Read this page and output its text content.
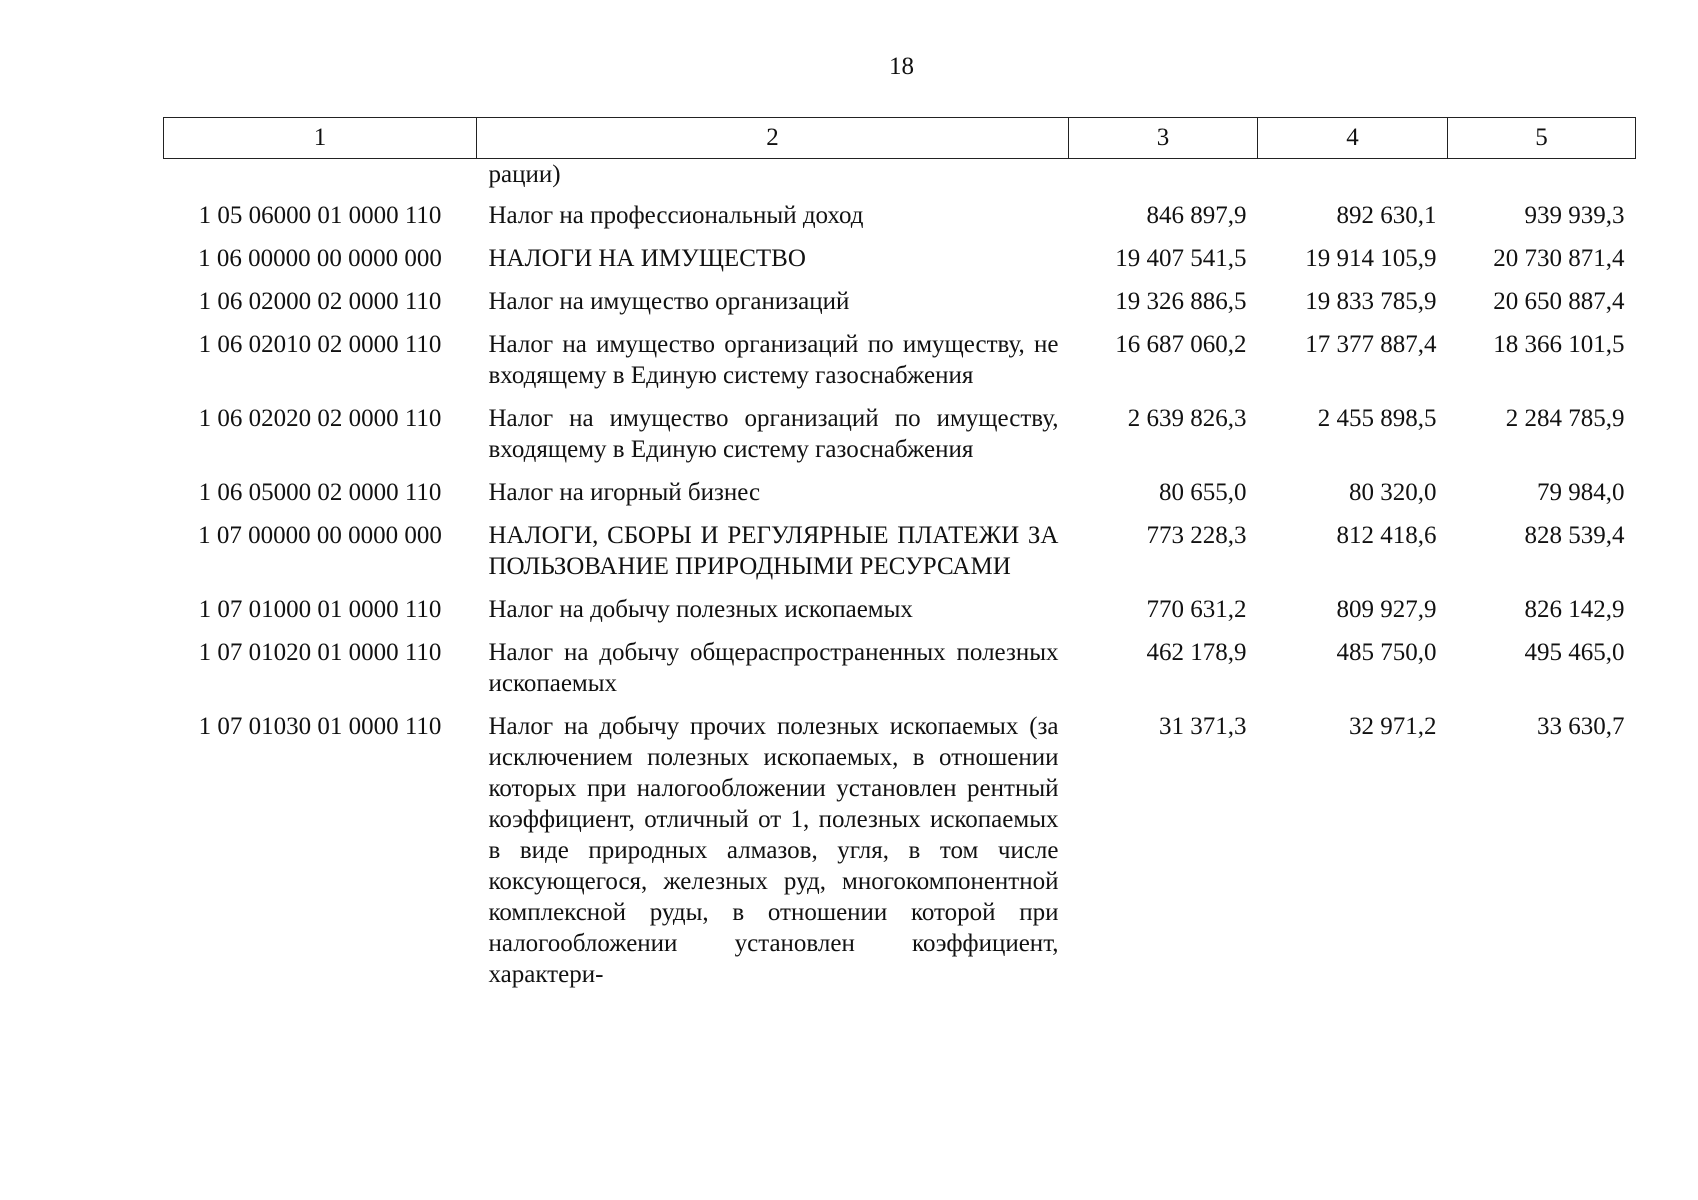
18
1	2	3	4	5
	рации)			
1 05 06000 01 0000 110	Налог на профессиональный доход	846 897,9	892 630,1	939 939,3
1 06 00000 00 0000 000	НАЛОГИ НА ИМУЩЕСТВО	19 407 541,5	19 914 105,9	20 730 871,4
1 06 02000 02 0000 110	Налог на имущество организаций	19 326 886,5	19 833 785,9	20 650 887,4
1 06 02010 02 0000 110	Налог на имущество организаций по имуществу, не входящему в Единую систему газоснабжения	16 687 060,2	17 377 887,4	18 366 101,5
1 06 02020 02 0000 110	Налог на имущество организаций по имуществу, входящему в Единую систему газоснабжения	2 639 826,3	2 455 898,5	2 284 785,9
1 06 05000 02 0000 110	Налог на игорный бизнес	80 655,0	80 320,0	79 984,0
1 07 00000 00 0000 000	НАЛОГИ, СБОРЫ И РЕГУЛЯРНЫЕ ПЛАТЕЖИ ЗА ПОЛЬЗОВАНИЕ ПРИРОДНЫМИ РЕСУРСАМИ	773 228,3	812 418,6	828 539,4
1 07 01000 01 0000 110	Налог на добычу полезных ископаемых	770 631,2	809 927,9	826 142,9
1 07 01020 01 0000 110	Налог на добычу общераспространенных полезных ископаемых	462 178,9	485 750,0	495 465,0
1 07 01030 01 0000 110	Налог на добычу прочих полезных ископаемых (за исключением полезных ископаемых, в отношении которых при налогообложении установлен рентный коэффициент, отличный от 1, полезных ископаемых в виде природных алмазов, угля, в том числе коксующегося, железных руд, многокомпонентной комплексной руды, в отношении которой при налогообложении установлен коэффициент, характери-	31 371,3	32 971,2	33 630,7
